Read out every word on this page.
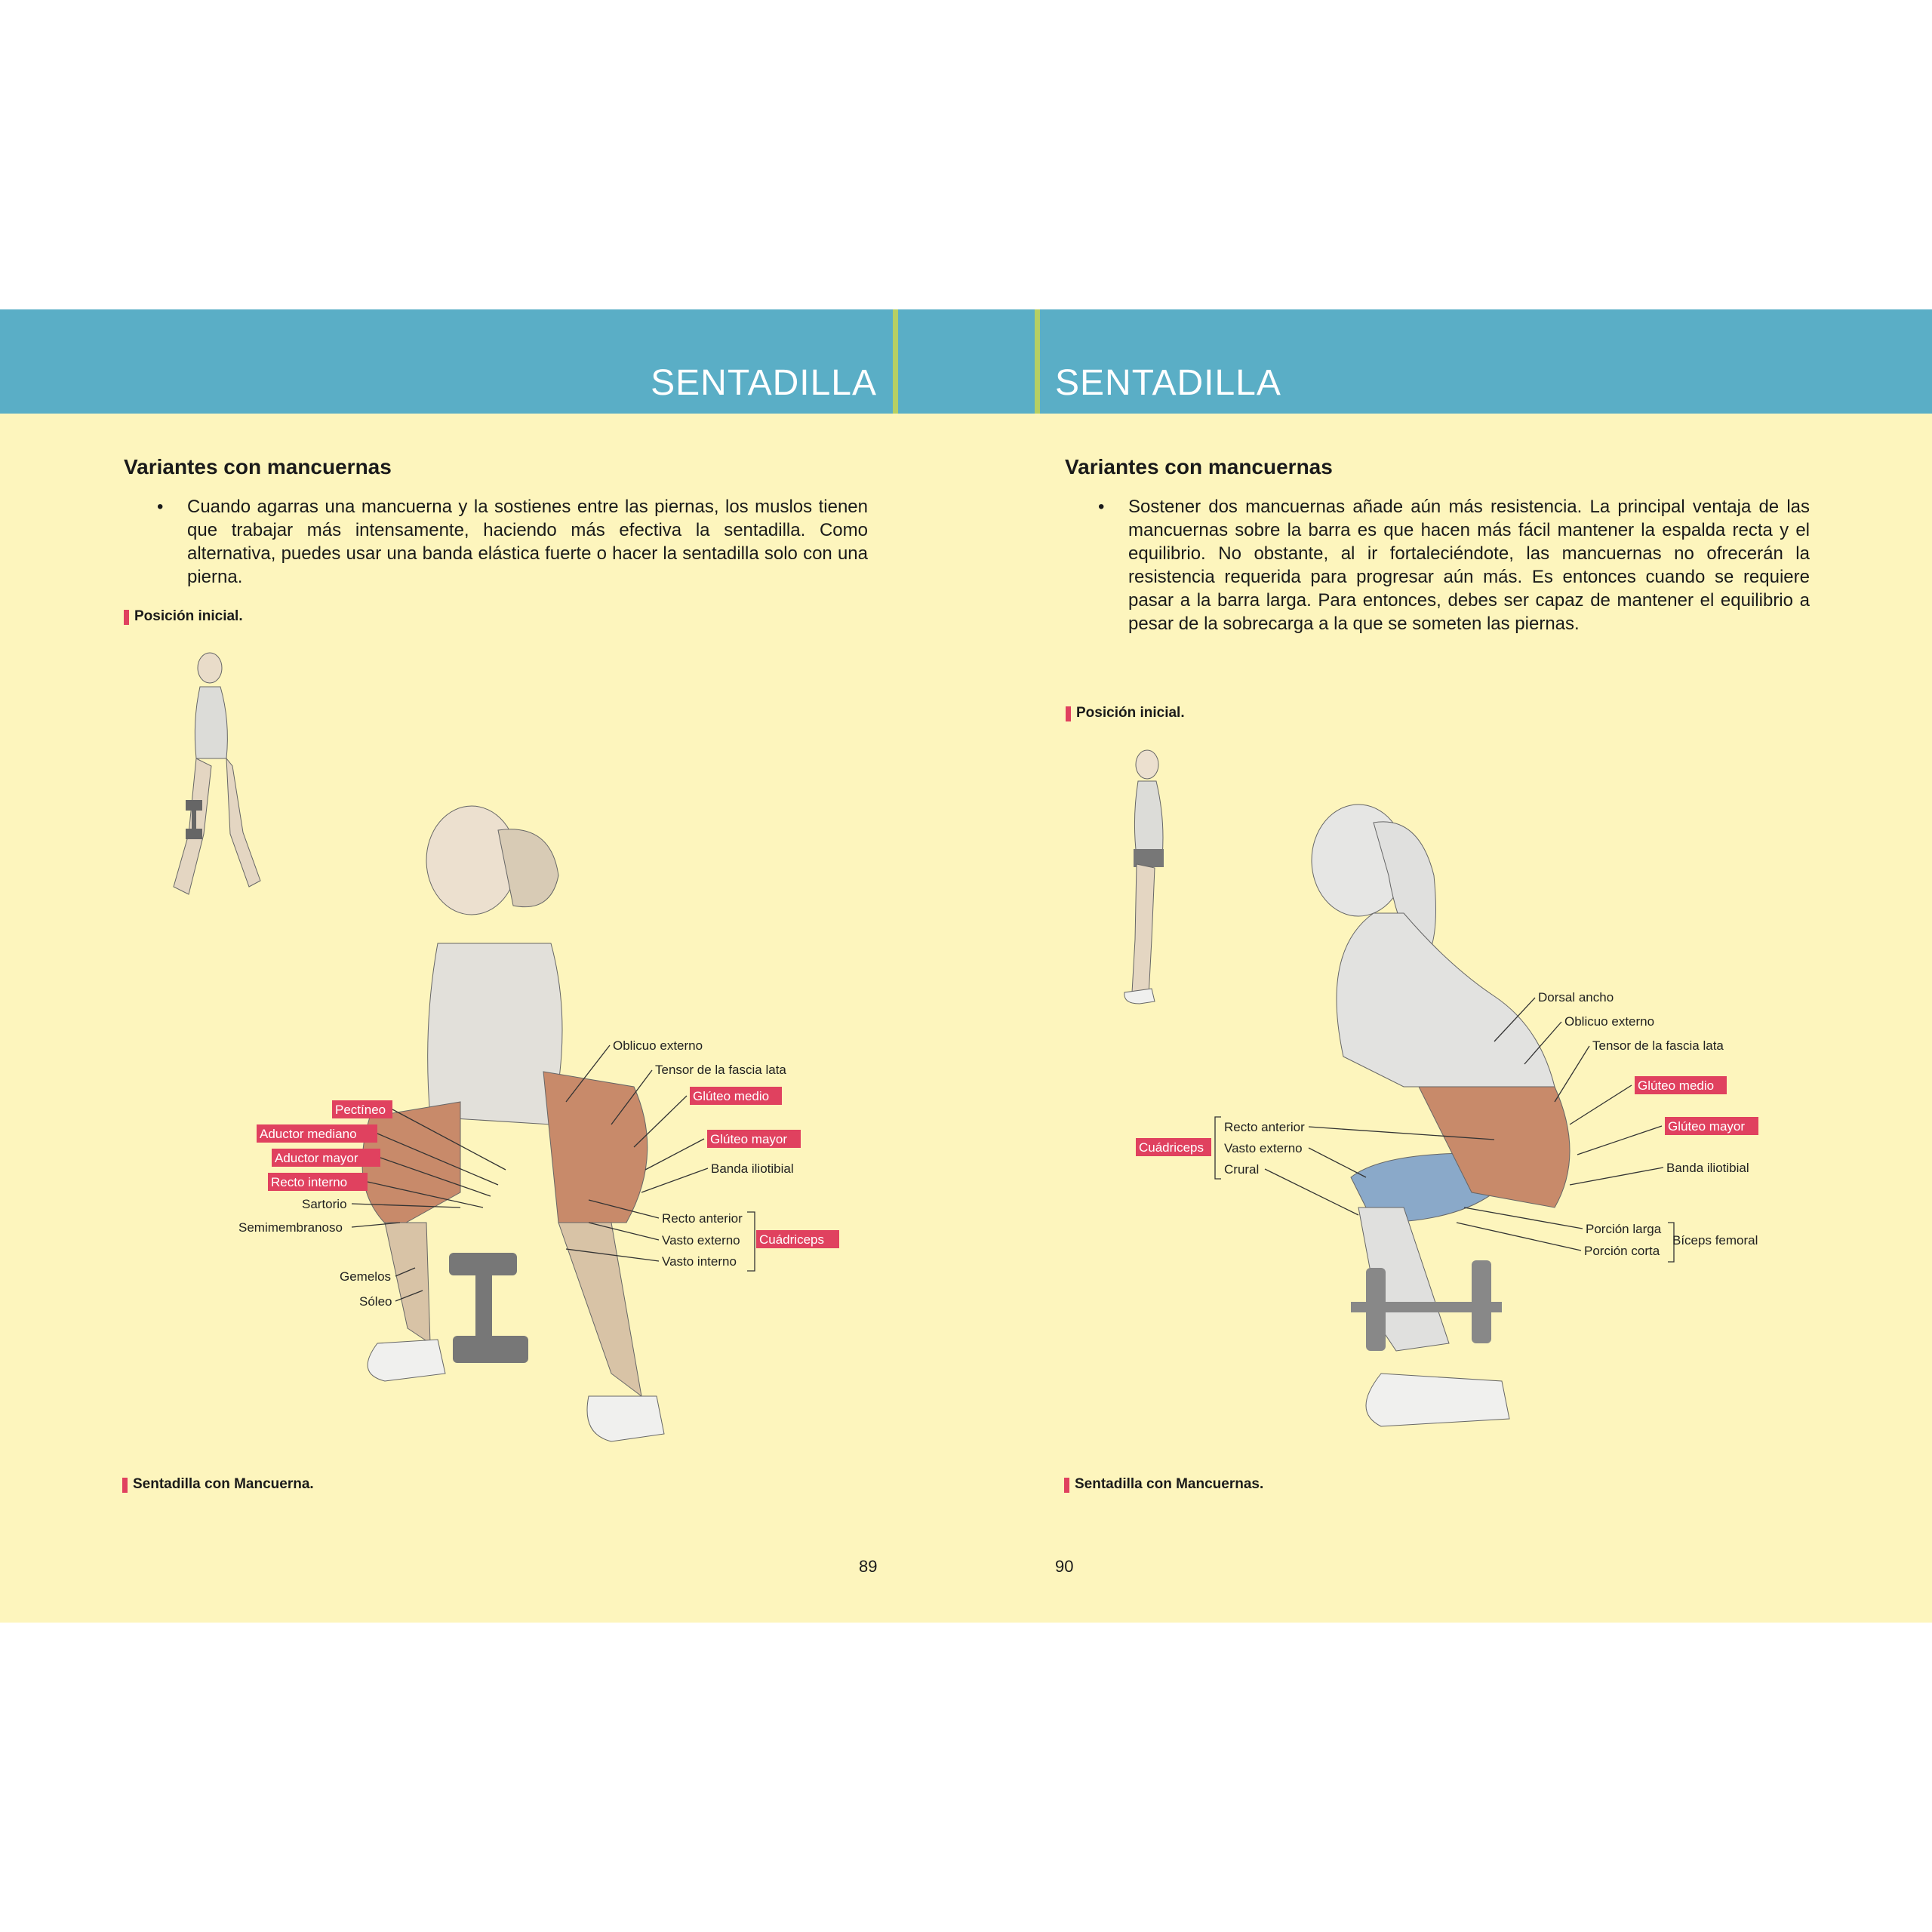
SENTADILLA	SENTADILLA
Variantes con mancuernas
• Cuando agarras una mancuerna y la sostienes entre las piernas, los muslos tienen que trabajar más intensamente, haciendo más efectiva la sentadilla. Como alternativa, puedes usar una banda elástica fuerte o hacer la sentadilla solo con una pierna.
Posición inicial.
Oblicuo externo
Tensor de la fascia lata
Glúteo medio
Glúteo mayor
Banda iliotibial
Recto anterior
Vasto externo
Vasto interno
Cuádriceps
Pectíneo
Aductor mediano
Aductor mayor
Recto interno
Sartorio
Semimembranoso
Gemelos
Sóleo
Sentadilla con Mancuerna.
89
Variantes con mancuernas
• Sostener dos mancuernas añade aún más resistencia. La principal ventaja de las mancuernas sobre la barra es que hacen más fácil mantener la espalda recta y el equilibrio. No obstante, al ir fortaleciéndote, las mancuernas no ofrecerán la resistencia requerida para progresar aún más. Es entonces cuando se requiere pasar a la barra larga. Para entonces, debes ser capaz de mantener el equilibrio a pesar de la sobrecarga a la que se someten las piernas.
Posición inicial.
Dorsal ancho
Oblicuo externo
Tensor de la fascia lata
Glúteo medio
Glúteo mayor
Banda iliotibial
Porción larga
Porción corta
Bíceps femoral
Recto anterior
Vasto externo
Crural
Cuádriceps
Sentadilla con Mancuernas.
90
